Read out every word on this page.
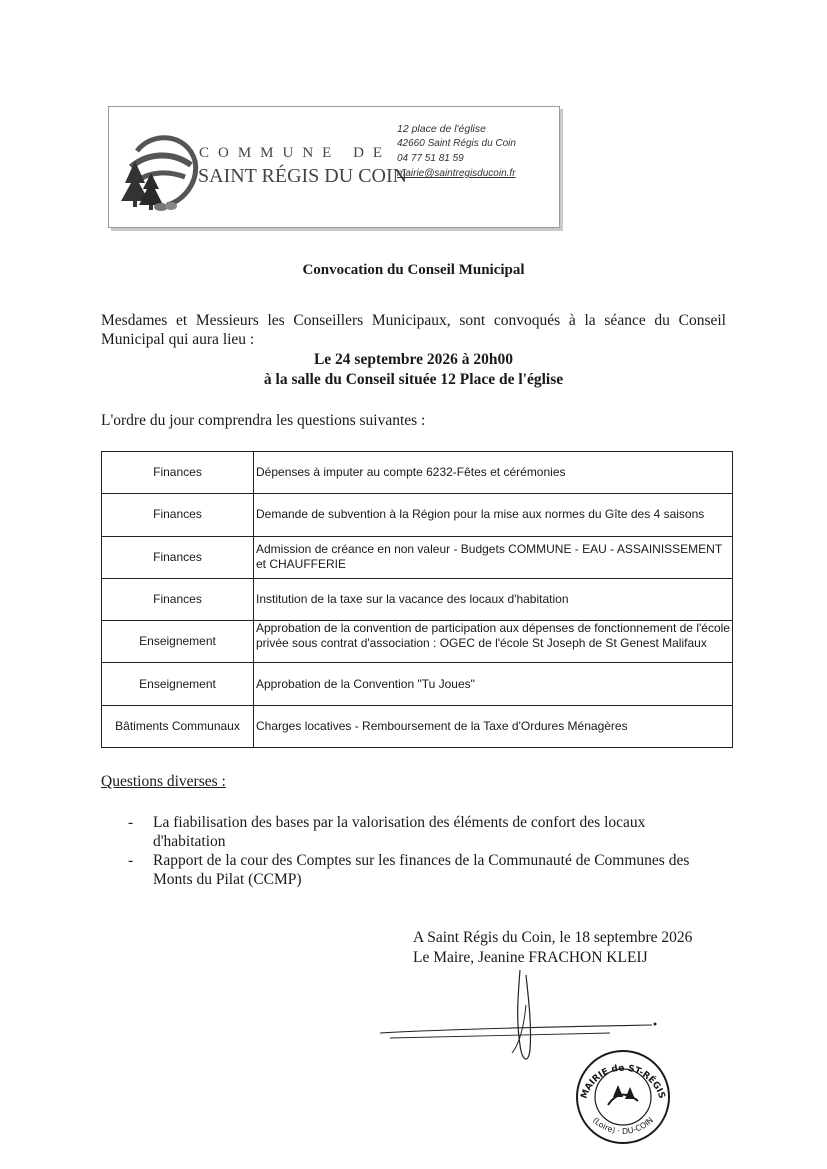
COMMUNE DE
SAINT RÉGIS DU COIN
12 place de l'église
42660 Saint Régis du Coin
04 77 51 81 59
mairie@saintregisducoin.fr
Convocation du Conseil Municipal
Mesdames et Messieurs les Conseillers Municipaux, sont convoqués à la séance du Conseil Municipal qui aura lieu :
Le 24 septembre 2026 à 20h00
à la salle du Conseil située 12 Place de l'église
L'ordre du jour comprendra les questions suivantes :
Finances	Dépenses à imputer au compte 6232-Fêtes et cérémonies
Finances	Demande de subvention à la Région pour la mise aux normes du Gîte des 4 saisons
Finances	Admission de créance en non valeur - Budgets COMMUNE - EAU - ASSAINISSEMENT et CHAUFFERIE
Finances	Institution de la taxe sur la vacance des locaux d'habitation
Enseignement	Approbation de la convention de participation aux dépenses de fonctionnement de l'école privée sous contrat d'association : OGEC de l'école St Joseph de St Genest Malifaux
Enseignement	Approbation de la Convention "Tu Joues"
Bâtiments Communaux	Charges locatives - Remboursement de la Taxe d'Ordures Ménagères
Questions diverses :
- La fiabilisation des bases par la valorisation des éléments de confort des locaux d'habitation
- Rapport de la cour des Comptes sur les finances de la Communauté de Communes des Monts du Pilat (CCMP)
A Saint Régis du Coin, le 18 septembre 2026
Le Maire, Jeanine FRACHON KLEIJ
MAIRIE de ST-RÉGIS
(Loire) · DU-COIN
